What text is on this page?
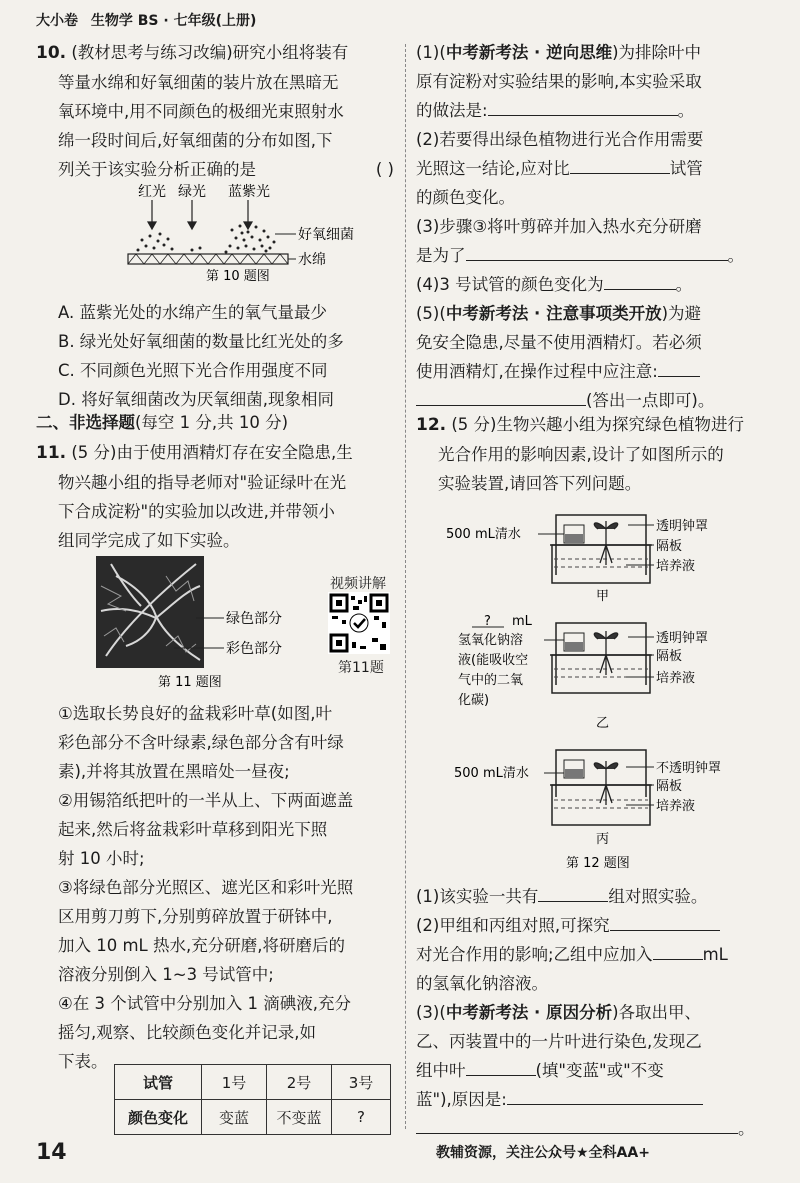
大小卷 生物学 BS · 七年级(上册)
10. (教材思考与练习改编)研究小组将装有
等量水绵和好氧细菌的装片放在黑暗无
氧环境中,用不同颜色的极细光束照射水
绵一段时间后,好氧细菌的分布如图,下
列关于该实验分析正确的是	( )
红光 绿光 蓝紫光
好氧细菌
水绵
第 10 题图
A. 蓝紫光处的水绵产生的氧气量最少
B. 绿光处好氧细菌的数量比红光处的多
C. 不同颜色光照下光合作用强度不同
D. 将好氧细菌改为厌氧细菌,现象相同
二、非选择题(每空 1 分,共 10 分)
11. (5 分)由于使用酒精灯存在安全隐患,生
物兴趣小组的指导老师对"验证绿叶在光
下合成淀粉"的实验加以改进,并带领小
组同学完成了如下实验。
绿色部分
彩色部分
第 11 题图
视频讲解
第11题
①选取长势良好的盆栽彩叶草(如图,叶
彩色部分不含叶绿素,绿色部分含有叶绿
素),并将其放置在黑暗处一昼夜;
②用锡箔纸把叶的一半从上、下两面遮盖
起来,然后将盆栽彩叶草移到阳光下照
射 10 小时;
③将绿色部分光照区、遮光区和彩叶光照
区用剪刀剪下,分别剪碎放置于研钵中,
加入 10 mL 热水,充分研磨,将研磨后的
溶液分别倒入 1~3 号试管中;
④在 3 个试管中分别加入 1 滴碘液,充分
摇匀,观察、比较颜色变化并记录,如
下表。
试管	1号	2号	3号
颜色变化	变蓝	不变蓝	?
14
(1)(中考新考法 · 逆向思维)为排除叶中
原有淀粉对实验结果的影响,本实验采取
的做法是:	。
(2)若要得出绿色植物进行光合作用需要
光照这一结论,应对比	试管
的颜色变化。
(3)步骤③将叶剪碎并加入热水充分研磨
是为了	。
(4)3 号试管的颜色变化为	。
(5)(中考新考法 · 注意事项类开放)为避
免安全隐患,尽量不使用酒精灯。若必须
使用酒精灯,在操作过程中应注意:
(答出一点即可)。
12. (5 分)生物兴趣小组为探究绿色植物进行
光合作用的影响因素,设计了如图所示的
实验装置,请回答下列问题。
500 mL清水
透明钟罩
隔板
培养液
甲
? mL
氢氧化钠溶
液(能吸收空
气中的二氧
化碳)
透明钟罩
隔板
培养液
乙
500 mL清水	不透明钟罩
隔板
培养液
丙
第 12 题图
(1)该实验一共有	组对照实验。
(2)甲组和丙组对照,可探究
对光合作用的影响;乙组中应加入	mL
的氢氧化钠溶液。
(3)(中考新考法 · 原因分析)各取出甲、
乙、丙装置中的一片叶进行染色,发现乙
组中叶	(填"变蓝"或"不变
蓝"),原因是:
。
教辅资源，关注公众号★全科AA+
